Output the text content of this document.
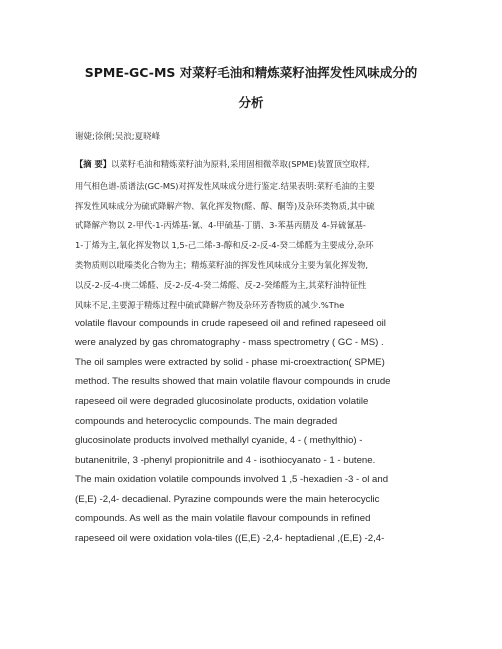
SPME-GC-MS 对菜籽毛油和精炼菜籽油挥发性风味成分的
分析
谢婕;徐俐;吴浪;夏晓峰
【摘 要】以菜籽毛油和精炼菜籽油为原料,采用固相微萃取(SPME)装置顶空取样,
用气相色谱-质谱法(GC-MS)对挥发性风味成分进行鉴定.结果表明:菜籽毛油的主要
挥发性风味成分为硫甙降解产物、氧化挥发物(醛、醇、酮等)及杂环类物质,其中硫
甙降解产物以 2-甲代-1-丙烯基-氰、4-甲硫基-丁腈、3-苯基丙腈及 4-异硫氰基-
1-丁烯为主,氧化挥发物以 1,5-己二烯-3-醇和反-2-反-4-癸二烯醛为主要成分,杂环
类物质则以吡嗪类化合物为主；精炼菜籽油的挥发性风味成分主要为氧化挥发物,
以反-2-反-4-庚二烯醛、反-2-反-4-癸二烯醛、反-2-癸烯醛为主,其菜籽油特征性
风味不足,主要源于精炼过程中硫甙降解产物及杂环芳香物质的减少.%The
volatile flavour compounds in crude rapeseed oil and refined rapeseed oil
were analyzed by gas chromatography - mass spectrometry ( GC - MS) .
The oil samples were extracted by solid - phase mi-croextraction( SPME)
method. The results showed that main volatile flavour compounds in crude
rapeseed oil were degraded glucosinolate products, oxidation volatile
compounds and heterocyclic compounds. The main degraded
glucosinolate products involved methallyl cyanide, 4 - ( methylthio) -
butanenitrile, 3 -phenyl propionitrile and 4 - isothiocyanato - 1 - butene.
The main oxidation volatile compounds involved 1 ,5 -hexadien -3 - ol and
(E,E) -2,4- decadienal. Pyrazine compounds were the main heterocyclic
compounds. As well as the main volatile flavour compounds in refined
rapeseed oil were oxidation vola-tiles ((E,E) -2,4- heptadienal ,(E,E) -2,4-
